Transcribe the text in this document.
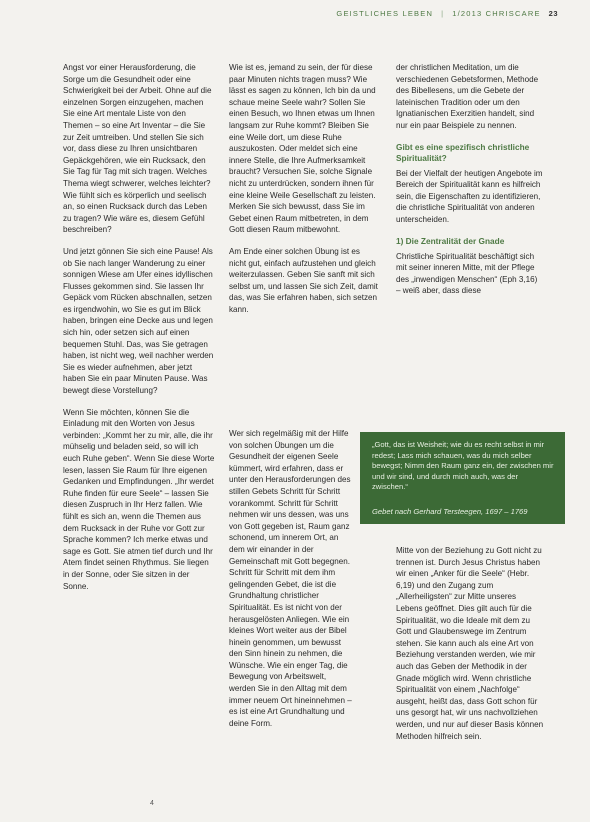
GEISTLICHES LEBEN | 1/2013 CHRISCARE 23

Angst vor einer Herausforderung, die Sorge um die Gesundheit oder eine Schwierigkeit bei der Arbeit. Ohne auf die einzelnen Sorgen einzugehen, machen Sie eine Art mentale Liste von den Themen – so eine Art Inventar – die Sie zur Zeit umtreiben. Und stellen Sie sich vor, dass diese zu Ihren unsichtbaren Gepäckgehören, wie ein Rucksack, den Sie Tag für Tag mit sich tragen. Welches Thema wiegt schwerer, welches leichter? Wie fühlt sich es körperlich und seelisch an, so einen Rucksack durch das Leben zu tragen? Wie wäre es, diesem Gefühl beschreiben?

Und jetzt gönnen Sie sich eine Pause! Als ob Sie nach langer Wanderung zu einer sonnigen Wiese am Ufer eines idyllischen Flusses gekommen sind. Sie lassen Ihr Gepäck vom Rücken abschnallen, setzen es irgendwohin, wo Sie es gut im Blick haben, bringen eine Decke aus und legen sich hin, oder setzen sich auf einen bequemen Stuhl. Das, was Sie getragen haben, ist nicht weg, weil nachher werden Sie es wieder aufnehmen, aber jetzt haben Sie ein paar Minuten Pause. Was bewegt diese Vorstellung?

Wenn Sie möchten, können Sie die Einladung mit den Worten von Jesus verbinden: „Kommt her zu mir, alle, die ihr mühselig und beladen seid, so will ich euch Ruhe geben“. Wenn Sie diese Worte lesen, lassen Sie Raum für Ihre eigenen Gedanken und Empfindungen. „Ihr werdet Ruhe finden für eure Seele“ – lassen Sie diesen Zuspruch in Ihr Herz fallen. Wie fühlt es sich an, wenn die Themen aus dem Rucksack in der Ruhe vor Gott zur Sprache kommen? Ich merke etwas und sage es Gott. Sie atmen tief durch und Ihr Atem findet seinen Rhythmus. Sie liegen in der Sonne, oder Sie sitzen in der Sonne.

Wie ist es, jemand zu sein, der für diese paar Minuten nichts tragen muss? Wie lässt es sagen zu können, Ich bin da und schaue meine Seele wahr? Sollen Sie einen Besuch, wo Ihnen etwas um Ihnen langsam zur Ruhe kommt? Bleiben Sie eine Weile dort, um diese Ruhe auszukosten. Oder meldet sich eine innere Stelle, die Ihre Aufmerksamkeit braucht? Versuchen Sie, solche Signale nicht zu unterdrücken, sondern ihnen für eine kleine Weile Gesellschaft zu leisten. Merken Sie sich bewusst, dass Sie im Gebet einen Raum mitbetreten, in dem Gott diesen Raum mitbewohnt.

Am Ende einer solchen Übung ist es nicht gut, einfach aufzustehen und gleich weiterzulassen. Geben Sie sanft mit sich selbst um, und lassen Sie sich Zeit, damit das, was Sie erfahren haben, sich setzen kann.

Wer sich regelmäßig mit der Hilfe von solchen Übungen um die Gesundheit der eigenen Seele kümmert, wird erfahren, dass er unter den Herausforderungen des stillen Gebets Schritt für Schritt vorankommt. Schritt für Schritt nehmen wir uns dessen, was uns von Gott gegeben ist, Raum ganz schonend, um innerem Ort, an dem wir einander in der Gemeinschaft mit Gott begegnen. Schritt für Schritt mit dem ihm gelingenden Gebet, die ist die Grundhaltung christlicher Spiritualität. Es ist nicht von der herausgelösten Anliegen. Wie ein kleines Wort weiter aus der Bibel hinein genommen, um bewusst den Sinn hinein zu nehmen, die Wünsche. Wie ein enger Tag, die Bewegung von Arbeitswelt, werden Sie in den Alltag mit dem immer neuem Ort hineinnehmen – es ist eine Art Grundhaltung und deine Form.

der christlichen Meditation, um die verschiedenen Gebetsformen, Methode des Bibellesens, um die Gebete der lateinischen Tradition oder um den Ignatianischen Exerzitien handelt, sind nur ein paar Beispiele zu nennen.

Gibt es eine spezifisch christliche Spiritualität?

Bei der Vielfalt der heutigen Angebote im Bereich der Spiritualität kann es hilfreich sein, die Eigenschaften zu identifizieren, die christliche Spiritualität von anderen unterscheiden.

1) Die Zentralität der Gnade

Christliche Spiritualität beschäftigt sich mit seiner inneren Mitte, mit der Pflege des „inwendigen Menschen“ (Eph 3,16) – weiß aber, dass diese

„Gott, das ist Weisheit; wie du es recht selbst in mir redest; Lass mich schauen, was du mich selber bewegst; Nimm den Raum ganz ein, der zwischen mir und wir sind, und durch mich auch, was der zwischen.“
Gebet nach Gerhard Tersteegen, 1697 – 1769

Mitte von der Beziehung zu Gott nicht zu trennen ist. Durch Jesus Christus haben wir einen „Anker für die Seele“ (Hebr. 6,19) und den Zugang zum „Allerheiligsten“ zur Mitte unseres Lebens geöffnet. Dies gilt auch für die Spiritualität, wo die Ideale mit dem zu Gott und Glaubenswege im Zentrum stehen. Sie kann auch als eine Art von Beziehung verstanden werden, wie mir auch das Geben der Methodik in der Gnade möglich wird. Wenn christliche Spiritualität von einem „Nachfolge“ ausgeht, heißt das, dass Gott schon für uns gesorgt hat, wir uns nachvollziehen werden, und nur auf dieser Basis können Methoden hilfreich sein.

4
